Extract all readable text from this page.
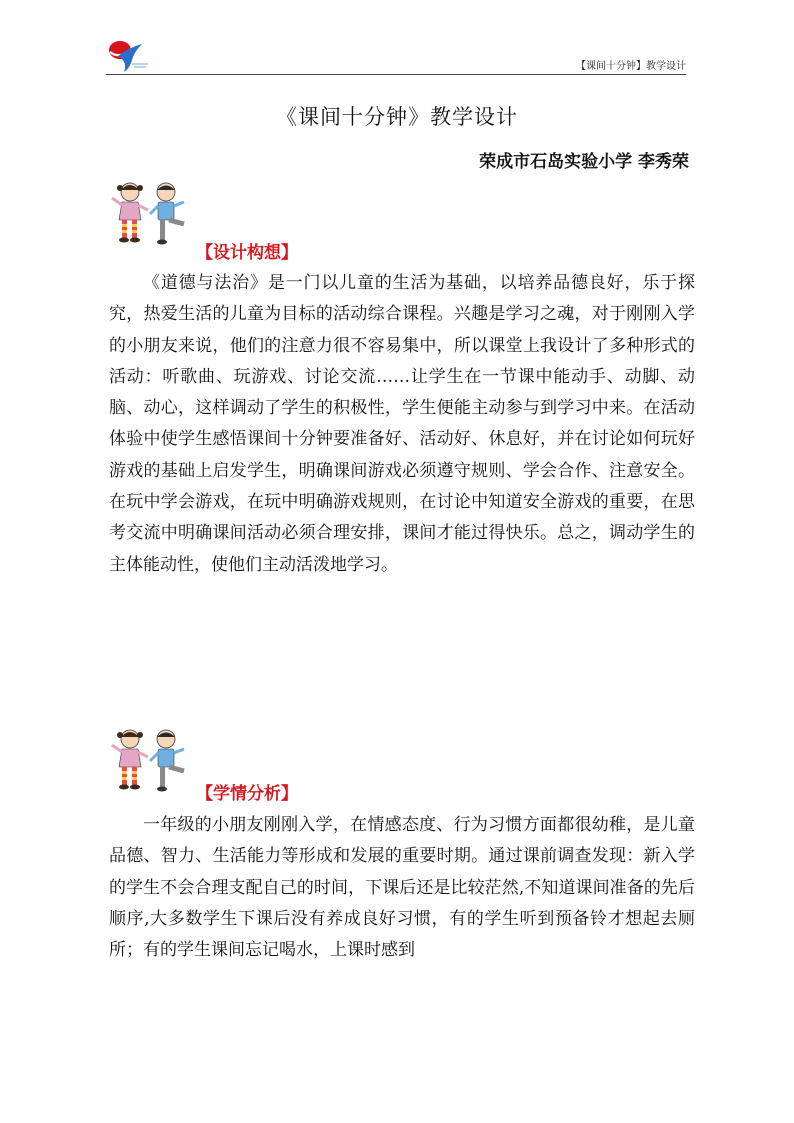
【课间十分钟】教学设计
《课间十分钟》教学设计
荣成市石岛实验小学 李秀荣
【设计构想】

《道德与法治》是一门以儿童的生活为基础，以培养品德良好，乐于探究，热爱生活的儿童为目标的活动综合课程。兴趣是学习之魂，对于刚刚入学的小朋友来说，他们的注意力很不容易集中，所以课堂上我设计了多种形式的活动：听歌曲、玩游戏、讨论交流……让学生在一节课中能动手、动脚、动脑、动心，这样调动了学生的积极性，学生便能主动参与到学习中来。在活动体验中使学生感悟课间十分钟要准备好、活动好、休息好，并在讨论如何玩好游戏的基础上启发学生，明确课间游戏必须遵守规则、学会合作、注意安全。在玩中学会游戏，在玩中明确游戏规则，在讨论中知道安全游戏的重要，在思考交流中明确课间活动必须合理安排，课间才能过得快乐。总之，调动学生的主体能动性，使他们主动活泼地学习。

【学情分析】

一年级的小朋友刚刚入学，在情感态度、行为习惯方面都很幼稚，是儿童品德、智力、生活能力等形成和发展的重要时期。通过课前调查发现：新入学的学生不会合理支配自己的时间，下课后还是比较茫然,不知道课间准备的先后顺序,大多数学生下课后没有养成良好习惯，有的学生听到预备铃才想起去厕所；有的学生课间忘记喝水，上课时感到
